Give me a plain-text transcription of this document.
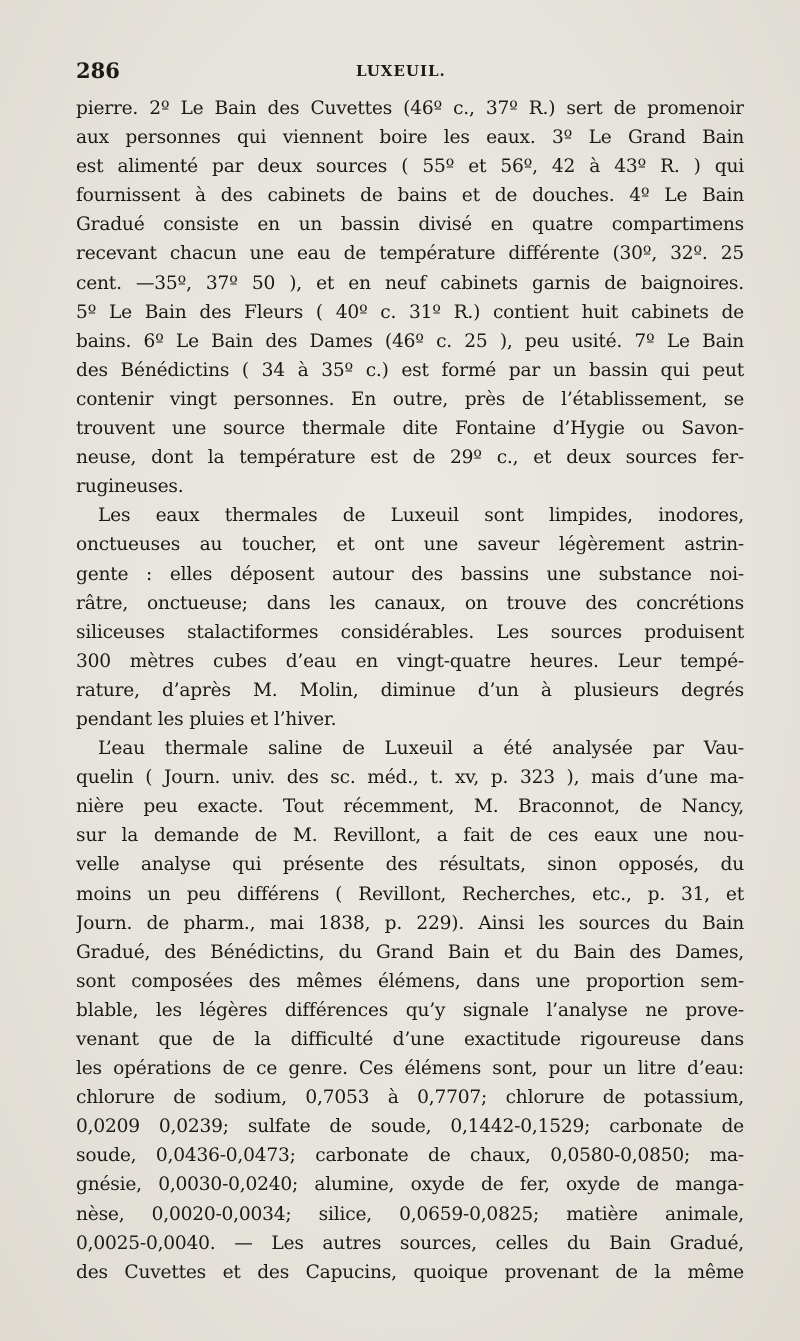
286	LUXEUIL.
pierre. 2º Le Bain des Cuvettes (46º c., 37º R.) sert de promenoir
aux personnes qui viennent boire les eaux. 3º Le Grand Bain
est alimenté par deux sources ( 55º et 56º, 42 à 43º R. ) qui
fournissent à des cabinets de bains et de douches. 4º Le Bain
Gradué consiste en un bassin divisé en quatre compartimens
recevant chacun une eau de température différente (30º, 32º. 25
cent. —35º, 37º 50 ), et en neuf cabinets garnis de baignoires.
5º Le Bain des Fleurs ( 40º c. 31º R.) contient huit cabinets de
bains. 6º Le Bain des Dames (46º c. 25 ), peu usité. 7º Le Bain
des Bénédictins ( 34 à 35º c.) est formé par un bassin qui peut
contenir vingt personnes. En outre, près de l’établissement, se
trouvent une source thermale dite Fontaine d’Hygie ou Savon-
neuse, dont la température est de 29º c., et deux sources fer-
rugineuses.
Les eaux thermales de Luxeuil sont limpides, inodores,
onctueuses au toucher, et ont une saveur légèrement astrin-
gente : elles déposent autour des bassins une substance noi-
râtre, onctueuse; dans les canaux, on trouve des concrétions
siliceuses stalactiformes considérables. Les sources produisent
300 mètres cubes d’eau en vingt-quatre heures. Leur tempé-
rature, d’après M. Molin, diminue d’un à plusieurs degrés
pendant les pluies et l’hiver.
L’eau thermale saline de Luxeuil a été analysée par Vau-
quelin ( Journ. univ. des sc. méd., t. xv, p. 323 ), mais d’une ma-
nière peu exacte. Tout récemment, M. Braconnot, de Nancy,
sur la demande de M. Revillont, a fait de ces eaux une nou-
velle analyse qui présente des résultats, sinon opposés, du
moins un peu différens ( Revillont, Recherches, etc., p. 31, et
Journ. de pharm., mai 1838, p. 229). Ainsi les sources du Bain
Gradué, des Bénédictins, du Grand Bain et du Bain des Dames,
sont composées des mêmes élémens, dans une proportion sem-
blable, les légères différences qu’y signale l’analyse ne prove-
venant que de la difficulté d’une exactitude rigoureuse dans
les opérations de ce genre. Ces élémens sont, pour un litre d’eau:
chlorure de sodium, 0,7053 à 0,7707; chlorure de potassium,
0,0209 0,0239; sulfate de soude, 0,1442-0,1529; carbonate de
soude, 0,0436-0,0473; carbonate de chaux, 0,0580-0,0850; ma-
gnésie, 0,0030-0,0240; alumine, oxyde de fer, oxyde de manga-
nèse, 0,0020-0,0034; silice, 0,0659-0,0825; matière animale,
0,0025-0,0040. — Les autres sources, celles du Bain Gradué,
des Cuvettes et des Capucins, quoique provenant de la même
